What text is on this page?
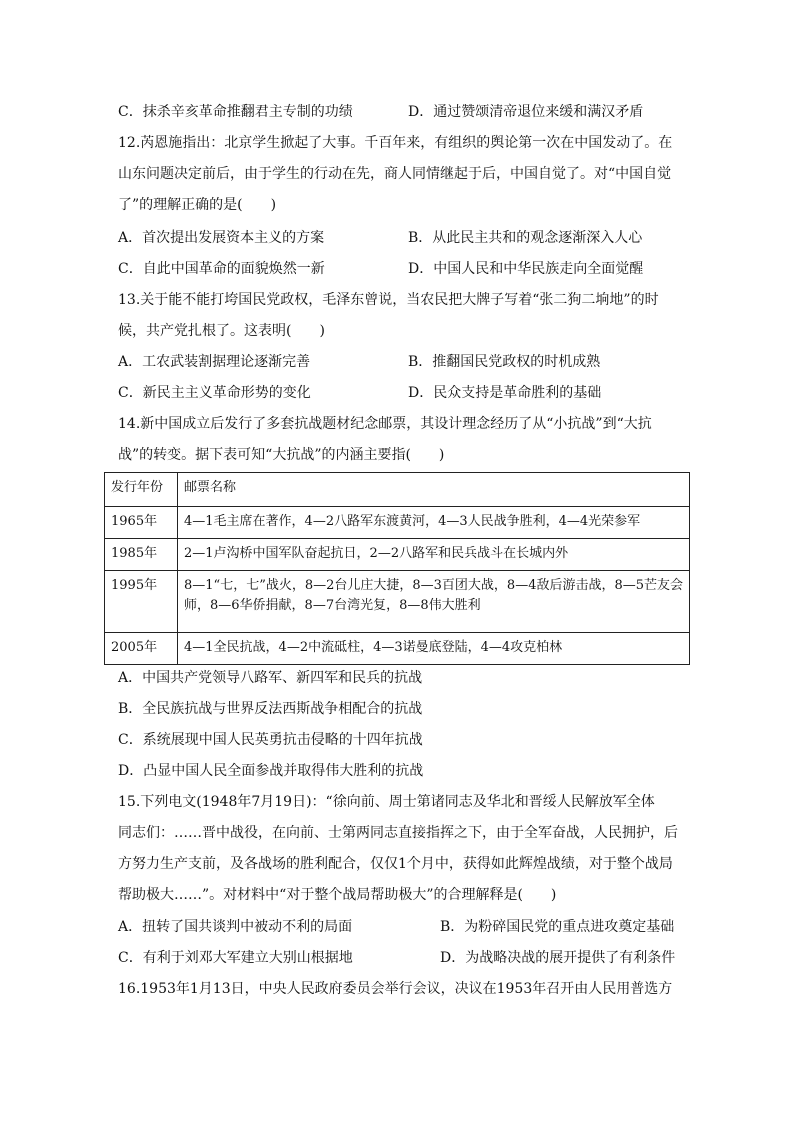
C．抹杀辛亥革命推翻君主专制的功绩	D．通过赞颂清帝退位来缓和满汉矛盾
12.芮恩施指出：北京学生掀起了大事。千百年来，有组织的舆论第一次在中国发动了。在
山东问题决定前后，由于学生的行动在先，商人同情继起于后，中国自觉了。对“中国自觉
了”的理解正确的是(　　)
A．首次提出发展资本主义的方案	B．从此民主共和的观念逐渐深入人心
C．自此中国革命的面貌焕然一新	D．中国人民和中华民族走向全面觉醒
13.关于能不能打垮国民党政权，毛泽东曾说，当农民把大牌子写着“张二狗二垧地”的时
候，共产党扎根了。这表明(　　)
A．工农武装割据理论逐渐完善	B．推翻国民党政权的时机成熟
C．新民主主义革命形势的变化	D．民众支持是革命胜利的基础
14.新中国成立后发行了多套抗战题材纪念邮票，其设计理念经历了从“小抗战”到“大抗
战”的转变。据下表可知“大抗战”的内涵主要指(　　)
发行年份	邮票名称
1965年	4—1毛主席在著作，4—2八路军东渡黄河，4—3人民战争胜利，4—4光荣参军
1985年	2—1卢沟桥中国军队奋起抗日，2—2八路军和民兵战斗在长城内外
1995年	8—1“七，七”战火，8—2台儿庄大捷，8—3百团大战，8—4敌后游击战，8—5芒友会师，8—6华侨捐献，8—7台湾光复，8—8伟大胜利
2005年	4—1全民抗战，4—2中流砥柱，4—3诺曼底登陆，4—4攻克柏林
A．中国共产党领导八路军、新四军和民兵的抗战
B．全民族抗战与世界反法西斯战争相配合的抗战
C．系统展现中国人民英勇抗击侵略的十四年抗战
D．凸显中国人民全面参战并取得伟大胜利的抗战
15.下列电文(1948年7月19日)：“徐向前、周士第诸同志及华北和晋绥人民解放军全体
同志们：……晋中战役，在向前、士第两同志直接指挥之下，由于全军奋战，人民拥护，后
方努力生产支前，及各战场的胜利配合，仅仅1个月中，获得如此辉煌战绩，对于整个战局
帮助极大……”。对材料中“对于整个战局帮助极大”的合理解释是(　　)
A．扭转了国共谈判中被动不利的局面	B．为粉碎国民党的重点进攻奠定基础
C．有利于刘邓大军建立大别山根据地	D．为战略决战的展开提供了有利条件
16.1953年1月13日，中央人民政府委员会举行会议，决议在1953年召开由人民用普选方
